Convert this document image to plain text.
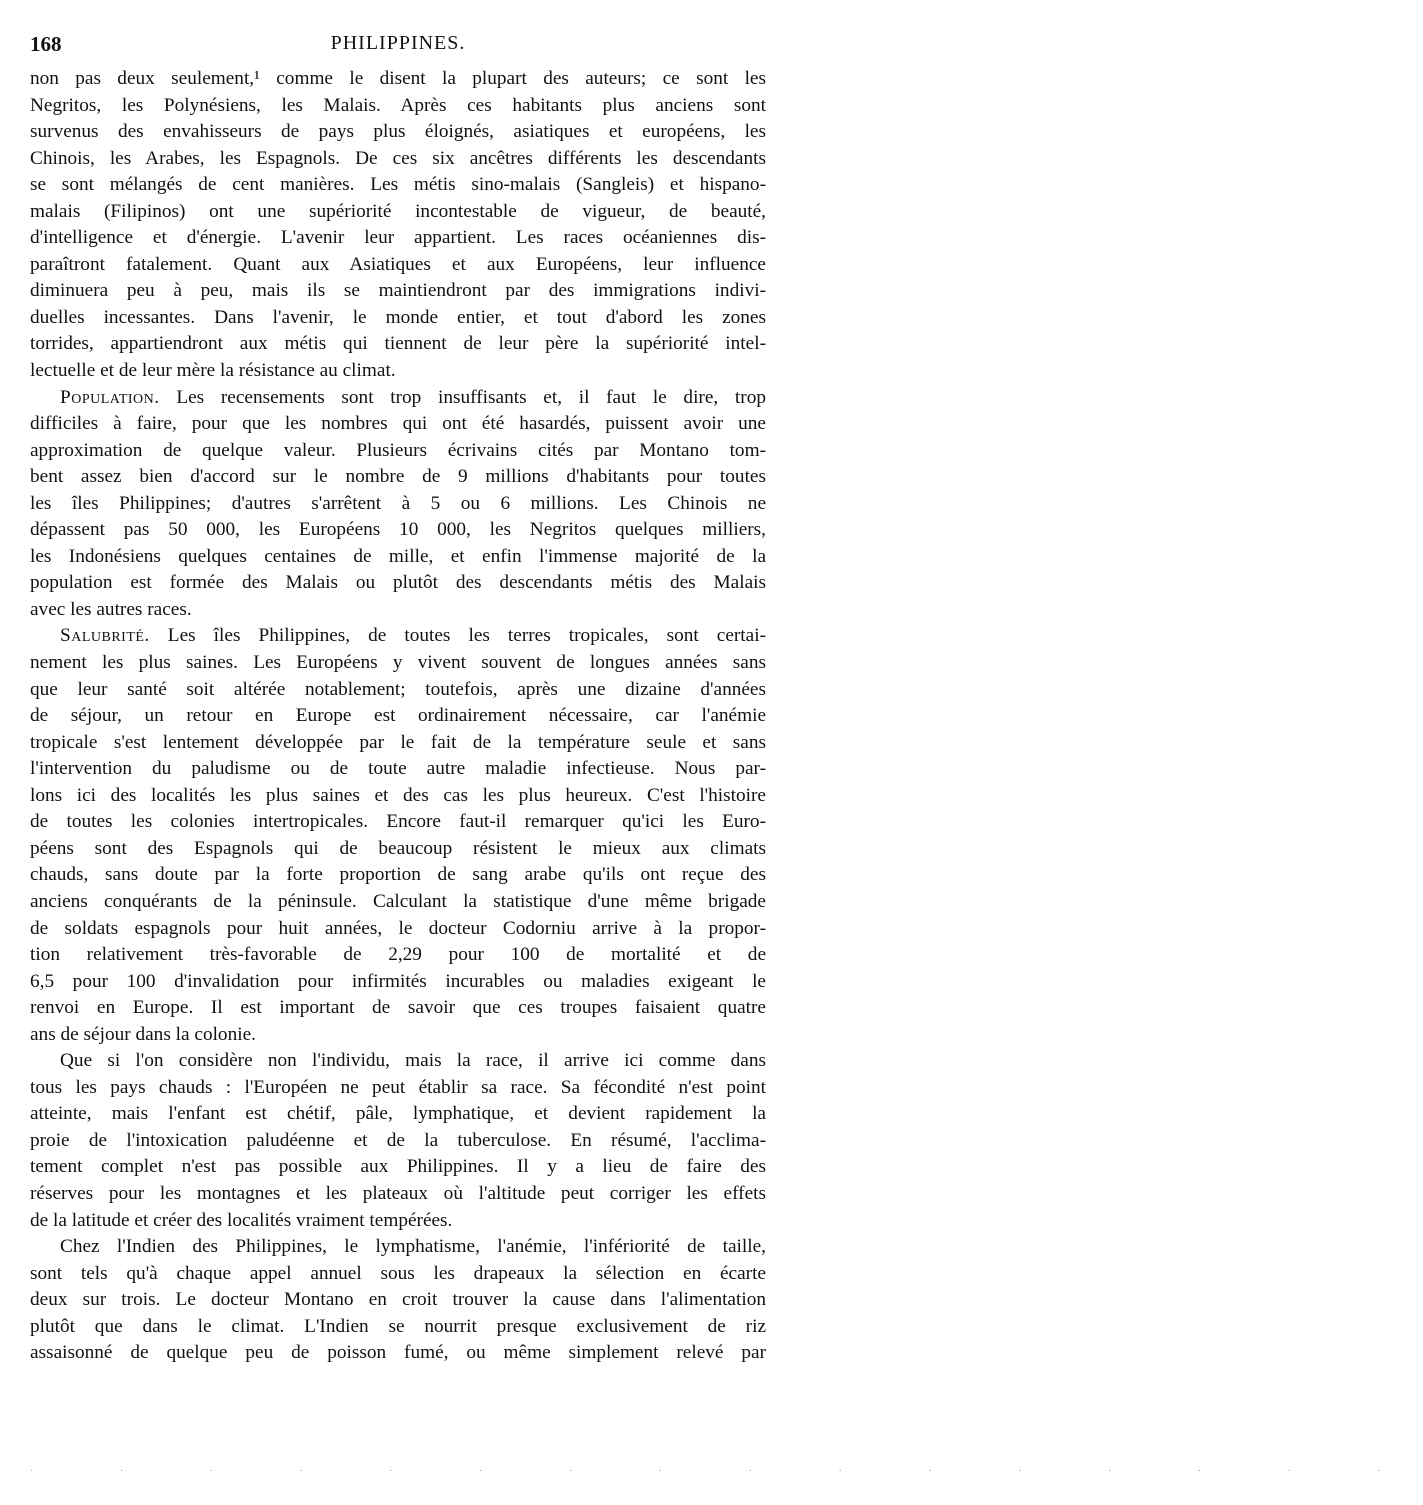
168	PHILIPPINES.
non pas deux seulement,¹ comme le disent la plupart des auteurs; ce sont les
Negritos, les Polynésiens, les Malais. Après ces habitants plus anciens sont
survenus des envahisseurs de pays plus éloignés, asiatiques et européens, les
Chinois, les Arabes, les Espagnols. De ces six ancêtres différents les descendants
se sont mélangés de cent manières. Les métis sino-malais (Sangleis) et hispano-
malais (Filipinos) ont une supériorité incontestable de vigueur, de beauté,
d'intelligence et d'énergie. L'avenir leur appartient. Les races océaniennes dis-
paraîtront fatalement. Quant aux Asiatiques et aux Européens, leur influence
diminuera peu à peu, mais ils se maintiendront par des immigrations indivi-
duelles incessantes. Dans l'avenir, le monde entier, et tout d'abord les zones
torrides, appartiendront aux métis qui tiennent de leur père la supériorité intel-
lectuelle et de leur mère la résistance au climat.
Population. Les recensements sont trop insuffisants et, il faut le dire, trop
difficiles à faire, pour que les nombres qui ont été hasardés, puissent avoir une
approximation de quelque valeur. Plusieurs écrivains cités par Montano tom-
bent assez bien d'accord sur le nombre de 9 millions d'habitants pour toutes
les îles Philippines; d'autres s'arrêtent à 5 ou 6 millions. Les Chinois ne
dépassent pas 50 000, les Européens 10 000, les Negritos quelques milliers,
les Indonésiens quelques centaines de mille, et enfin l'immense majorité de la
population est formée des Malais ou plutôt des descendants métis des Malais
avec les autres races.
Salubrité. Les îles Philippines, de toutes les terres tropicales, sont certai-
nement les plus saines. Les Européens y vivent souvent de longues années sans
que leur santé soit altérée notablement; toutefois, après une dizaine d'années
de séjour, un retour en Europe est ordinairement nécessaire, car l'anémie
tropicale s'est lentement développée par le fait de la température seule et sans
l'intervention du paludisme ou de toute autre maladie infectieuse. Nous par-
lons ici des localités les plus saines et des cas les plus heureux. C'est l'histoire
de toutes les colonies intertropicales. Encore faut-il remarquer qu'ici les Euro-
péens sont des Espagnols qui de beaucoup résistent le mieux aux climats
chauds, sans doute par la forte proportion de sang arabe qu'ils ont reçue des
anciens conquérants de la péninsule. Calculant la statistique d'une même brigade
de soldats espagnols pour huit années, le docteur Codorniu arrive à la propor-
tion relativement très-favorable de 2,29 pour 100 de mortalité et de
6,5 pour 100 d'invalidation pour infirmités incurables ou maladies exigeant le
renvoi en Europe. Il est important de savoir que ces troupes faisaient quatre
ans de séjour dans la colonie.
Que si l'on considère non l'individu, mais la race, il arrive ici comme dans
tous les pays chauds : l'Européen ne peut établir sa race. Sa fécondité n'est point
atteinte, mais l'enfant est chétif, pâle, lymphatique, et devient rapidement la
proie de l'intoxication paludéenne et de la tuberculose. En résumé, l'acclima-
tement complet n'est pas possible aux Philippines. Il y a lieu de faire des
réserves pour les montagnes et les plateaux où l'altitude peut corriger les effets
de la latitude et créer des localités vraiment tempérées.
Chez l'Indien des Philippines, le lymphatisme, l'anémie, l'infériorité de taille,
sont tels qu'à chaque appel annuel sous les drapeaux la sélection en écarte
deux sur trois. Le docteur Montano en croit trouver la cause dans l'alimentation
plutôt que dans le climat. L'Indien se nourrit presque exclusivement de riz
assaisonné de quelque peu de poisson fumé, ou même simplement relevé par
· · · · · · · · · · · · · · · ·
